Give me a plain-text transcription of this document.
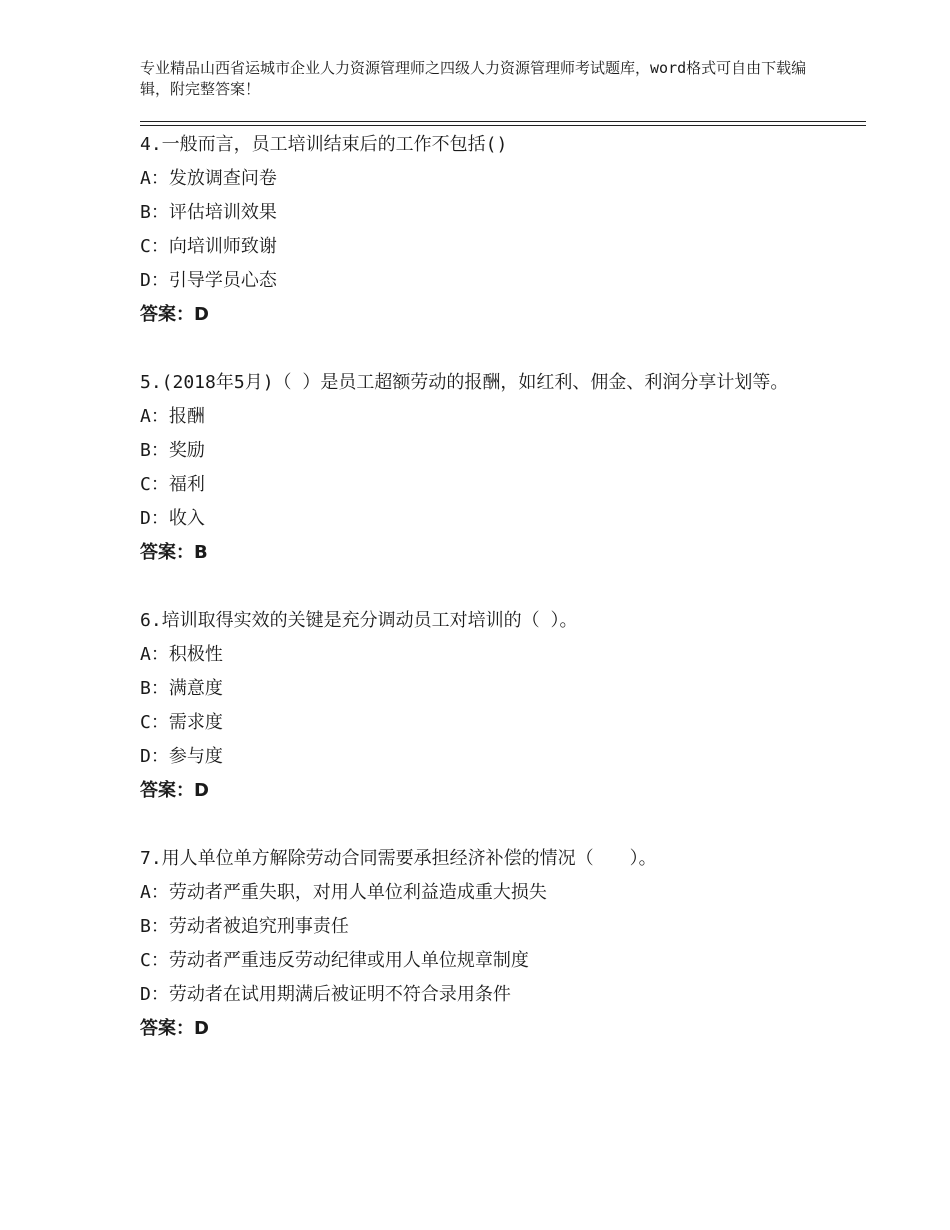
专业精品山西省运城市企业人力资源管理师之四级人力资源管理师考试题库，word格式可自由下载编辑，附完整答案！
4.一般而言，员工培训结束后的工作不包括()
A：发放调查问卷
B：评估培训效果
C：向培训师致谢
D：引导学员心态
答案：D
5.(2018年5月)（ ）是员工超额劳动的报酬，如红利、佣金、利润分享计划等。
A：报酬
B：奖励
C：福利
D：收入
答案：B
6.培训取得实效的关键是充分调动员工对培训的（ ）。
A：积极性
B：满意度
C：需求度
D：参与度
答案：D
7.用人单位单方解除劳动合同需要承担经济补偿的情况（　　）。
A：劳动者严重失职，对用人单位利益造成重大损失
B：劳动者被追究刑事责任
C：劳动者严重违反劳动纪律或用人单位规章制度
D：劳动者在试用期满后被证明不符合录用条件
答案：D
